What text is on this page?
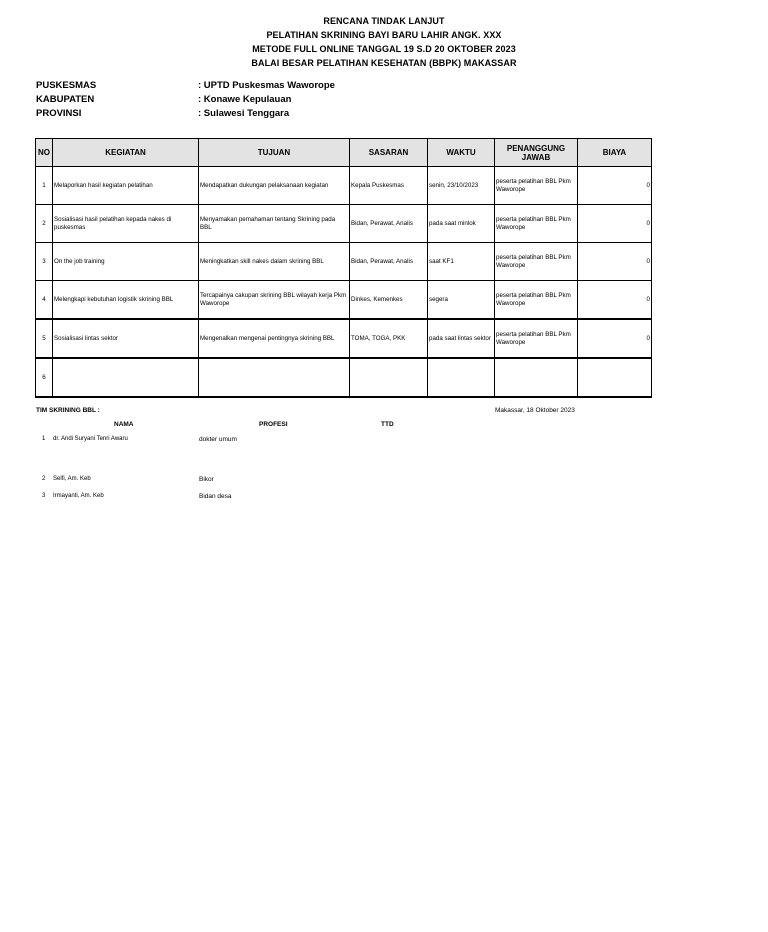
RENCANA TINDAK LANJUT
PELATIHAN SKRINING BAYI BARU LAHIR ANGK. XXX
METODE FULL ONLINE TANGGAL 19 S.D 20 OKTOBER 2023
BALAI BESAR PELATIHAN KESEHATAN (BBPK) MAKASSAR
PUSKESMAS	: UPTD Puskesmas Waworope
KABUPATEN	: Konawe Kepulauan
PROVINSI	: Sulawesi Tenggara
NO	KEGIATAN	TUJUAN	SASARAN	WAKTU	PENANGGUNG JAWAB	BIAYA
1	Melaporkan hasil kegiatan pelatihan	Mendapatkan dukungan pelaksanaan kegiatan	Kepala Puskesmas	senin, 23/10/2023	peserta pelatihan BBL Pkm Waworope	0
2	Sosialisasi hasil pelatihan kepada nakes di puskesmas	Menyamakan pemahaman tentang Skrining pada BBL	Bidan, Perawat, Analis	pada saat minlok	peserta pelatihan BBL Pkm Waworope	0
3	On the job training	Meningkatkan skill nakes dalam skrining BBL	Bidan, Perawat, Analis	saat KF1	peserta pelatihan BBL Pkm Waworope	0
4	Melengkapi kebutuhan logistik skrining BBL	Tercapainya cakupan skrining BBL wilayah kerja Pkm Waworope	Dinkes, Kemenkes	segera	peserta pelatihan BBL Pkm Waworope	0
5	Sosialisasi lintas sektor	Mengenalkan mengenai pentingnya skrining BBL	TOMA, TOGA, PKK	pada saat lintas sektor	peserta pelatihan BBL Pkm Waworope	0
6						
TIM SKRINING BBL :	Makassar, 18 Oktober 2023
NAMA	PROFESI	TTD
1 dr. Andi Suryani Tenri Awaru	dokter umum
2 Selfi, Am. Keb	Bikor
3 Irmayanti, Am. Keb	Bidan desa
